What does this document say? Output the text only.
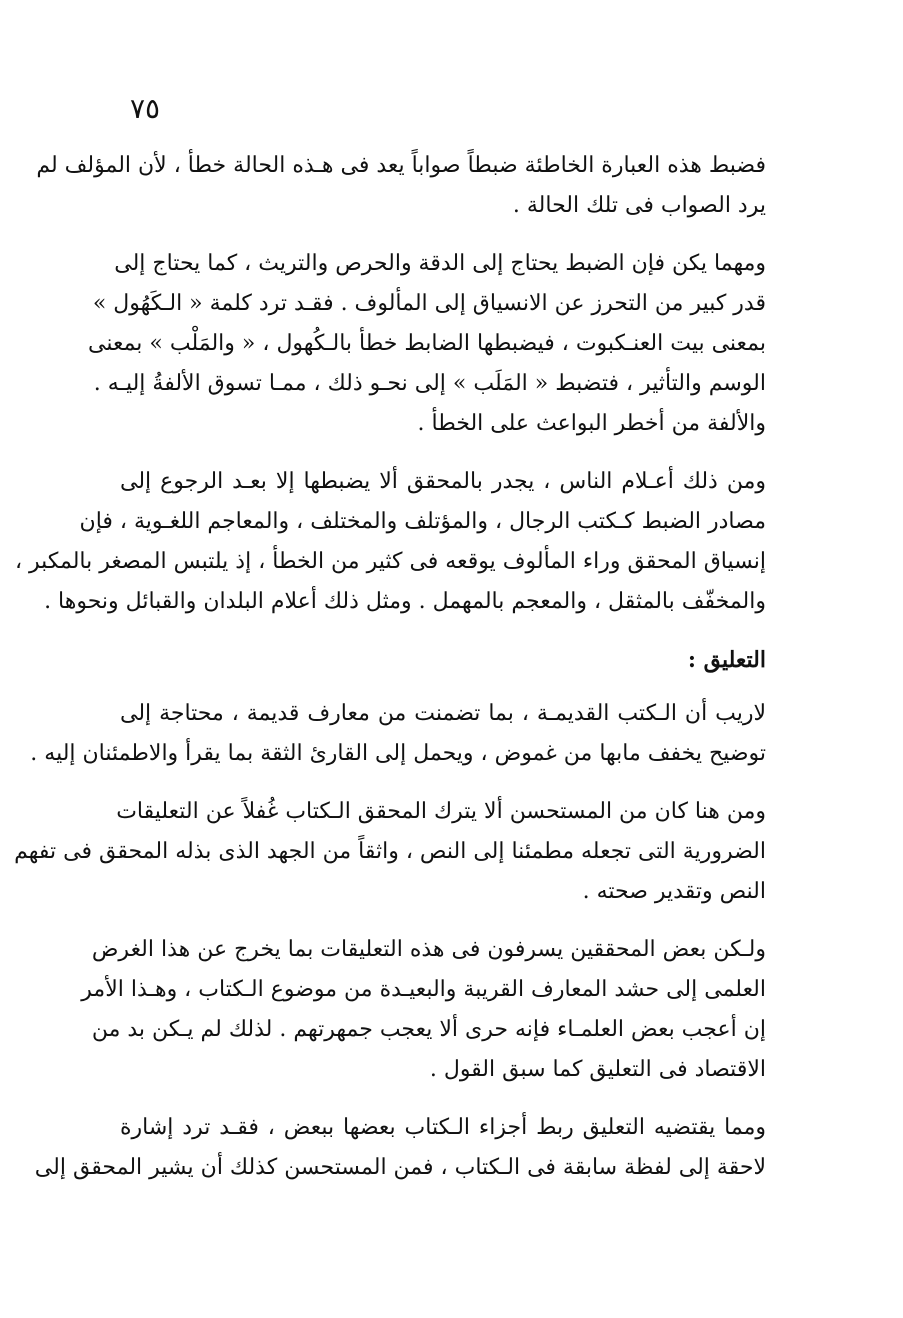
٧٥
فضبط هذه العبارة الخاطئة ضبطاً صواباً يعد فى هـذه الحالة خطأ ، لأن المؤلف لم
يرد الصواب فى تلك الحالة .
ومهما يكن فإن الضبط يحتاج إلى الدقة والحرص والتريث ، كما يحتاج إلى
قدر كبير من التحرز عن الانسياق إلى المألوف . فقـد ترد كلمة « الـكَهُول »
بمعنى بيت العنـكبوت ، فيضبطها الضابط خطأ بالـكُهول ، « والمَلْب » بمعنى
الوسم والتأثير ، فتضبط « المَلَب » إلى نحـو ذلك ، ممـا تسوق الألفةُ إليـه .
والألفة من أخطر البواعث على الخطأ .
ومن ذلك أعـلام الناس ، يجدر بالمحقق ألا يضبطها إلا بعـد الرجوع إلى
مصادر الضبط كـكتب الرجال ، والمؤتلف والمختلف ، والمعاجم اللغـوية ، فإن
إنسياق المحقق وراء المألوف يوقعه فى كثير من الخطأ ، إذ يلتبس المصغر بالمكبر ،
والمخفّف بالمثقل ، والمعجم بالمهمل . ومثل ذلك أعلام البلدان والقبائل ونحوها .
التعليق :
لاريب أن الـكتب القديمـة ، بما تضمنت من معارف قديمة ، محتاجة إلى
توضيح يخفف مابها من غموض ، ويحمل إلى القارئ الثقة بما يقرأ والاطمئنان إليه .
ومن هنا كان من المستحسن ألا يترك المحقق الـكتاب غُفلاً عن التعليقات
الضرورية التى تجعله مطمئنا إلى النص ، واثقاً من الجهد الذى بذله المحقق فى تفهم
النص وتقدير صحته .
ولـكن بعض المحققين يسرفون فى هذه التعليقات بما يخرج عن هذا الغرض
العلمى إلى حشد المعارف القريبة والبعيـدة من موضوع الـكتاب ، وهـذا الأمر
إن أعجب بعض العلمـاء فإنه حرى ألا يعجب جمهرتهم . لذلك لم يـكن بد من
الاقتصاد فى التعليق كما سبق القول .
ومما يقتضيه التعليق ربط أجزاء الـكتاب بعضها ببعض ، فقـد ترد إشارة
لاحقة إلى لفظة سابقة فى الـكتاب ، فمن المستحسن كذلك أن يشير المحقق إلى
